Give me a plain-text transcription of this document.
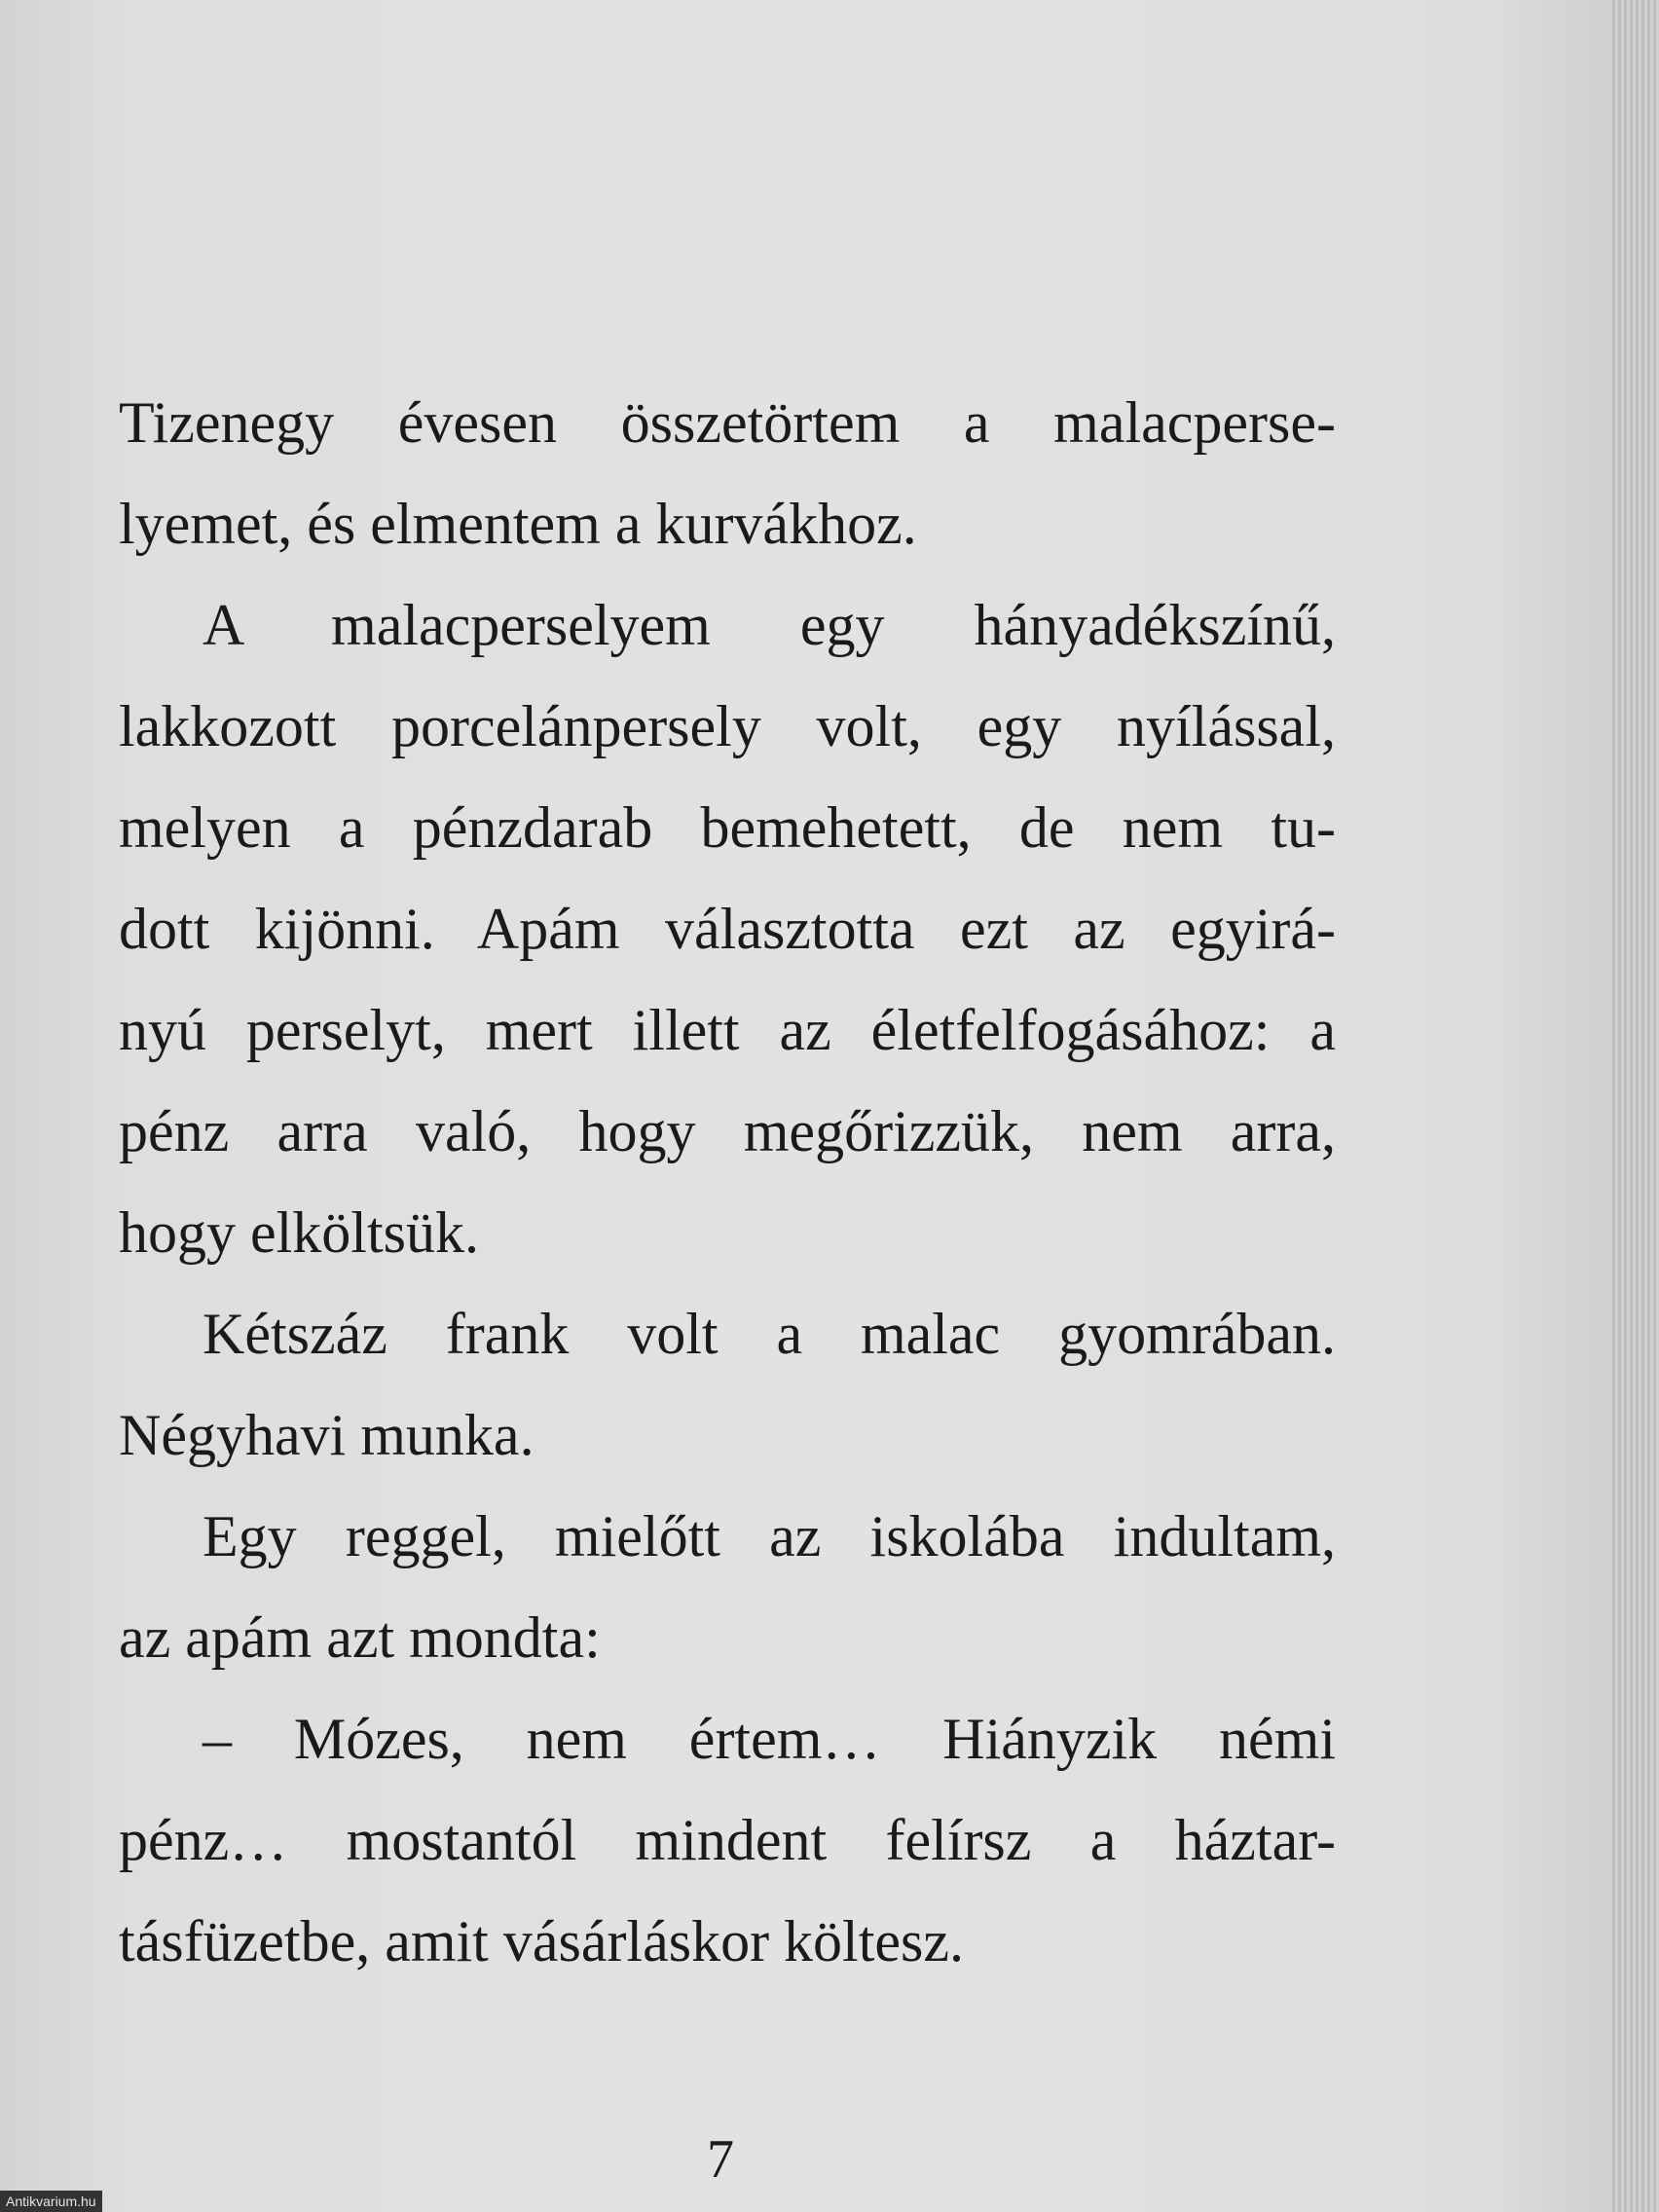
Tizenegy évesen összetörtem a malacperse-
lyemet, és elmentem a kurvákhoz.
A malacperselyem egy hányadékszínű,
lakkozott porcelánpersely volt, egy nyílással,
melyen a pénzdarab bemehetett, de nem tu-
dott kijönni. Apám választotta ezt az egyirá-
nyú perselyt, mert illett az életfelfogásához: a
pénz arra való, hogy megőrizzük, nem arra,
hogy elköltsük.
Kétszáz frank volt a malac gyomrában.
Négyhavi munka.
Egy reggel, mielőtt az iskolába indultam,
az apám azt mondta:
– Mózes, nem értem… Hiányzik némi
pénz… mostantól mindent felírsz a háztar-
tásfüzetbe, amit vásárláskor költesz.
7
Antikvarium.hu
